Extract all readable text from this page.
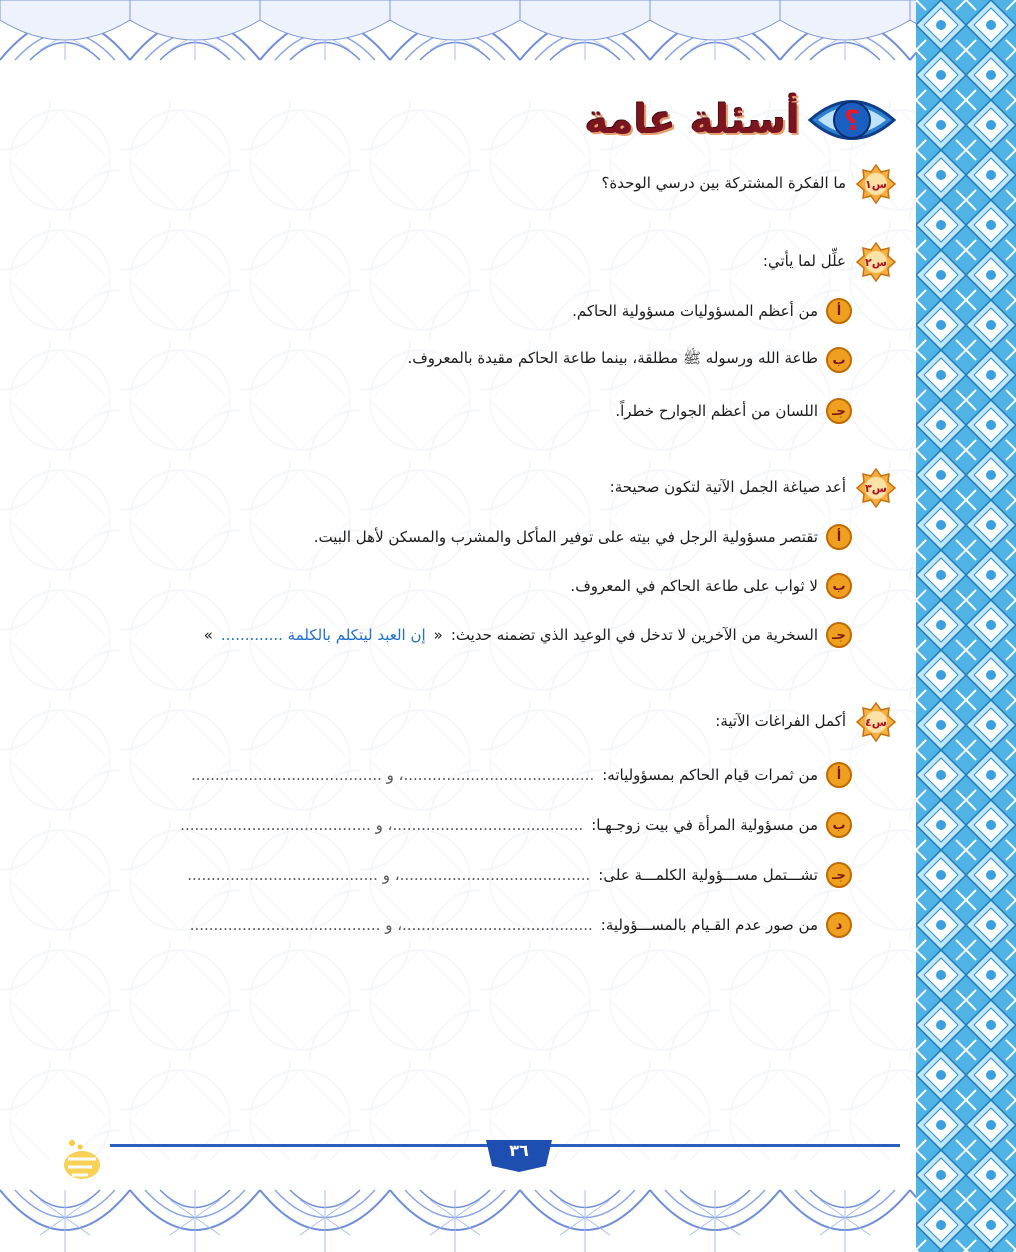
؟
أسئلة عامة
س١
ما الفكرة المشتركة بين درسي الوحدة؟
س٢
علِّل لما يأتي:
أ
من أعظم المسؤوليات مسؤولية الحاكم.
ب
طاعة الله ورسوله ﷺ مطلقة، بينما طاعة الحاكم مقيدة بالمعروف.
جـ
اللسان من أعظم الجوارح خطراً.
س٣
أعد صياغة الجمل الآتية لتكون صحيحة:
أ
تقتصر مسؤولية الرجل في بيته على توفير المأكل والمشرب والمسكن لأهل البيت.
ب
لا ثواب على طاعة الحاكم في المعروف.
جـ
السخرية من الآخرين لا تدخل في الوعيد الذي تضمنه حديث:
«
إن العبد ليتكلم بالكلمة .............
»
س٤
أكمل الفراغات الآتية:
أ
من ثمرات قيام الحاكم بمسؤولياته:
........................................، و ........................................
ب
من مسؤولية المرأة في بيت زوجـهـا:
........................................، و ........................................
جـ
تشـــتمل مســـؤولية الكلمـــة على:
........................................، و ........................................
د
من صور عدم القـيام بالمســـؤولية:
........................................، و ........................................
٣٦
